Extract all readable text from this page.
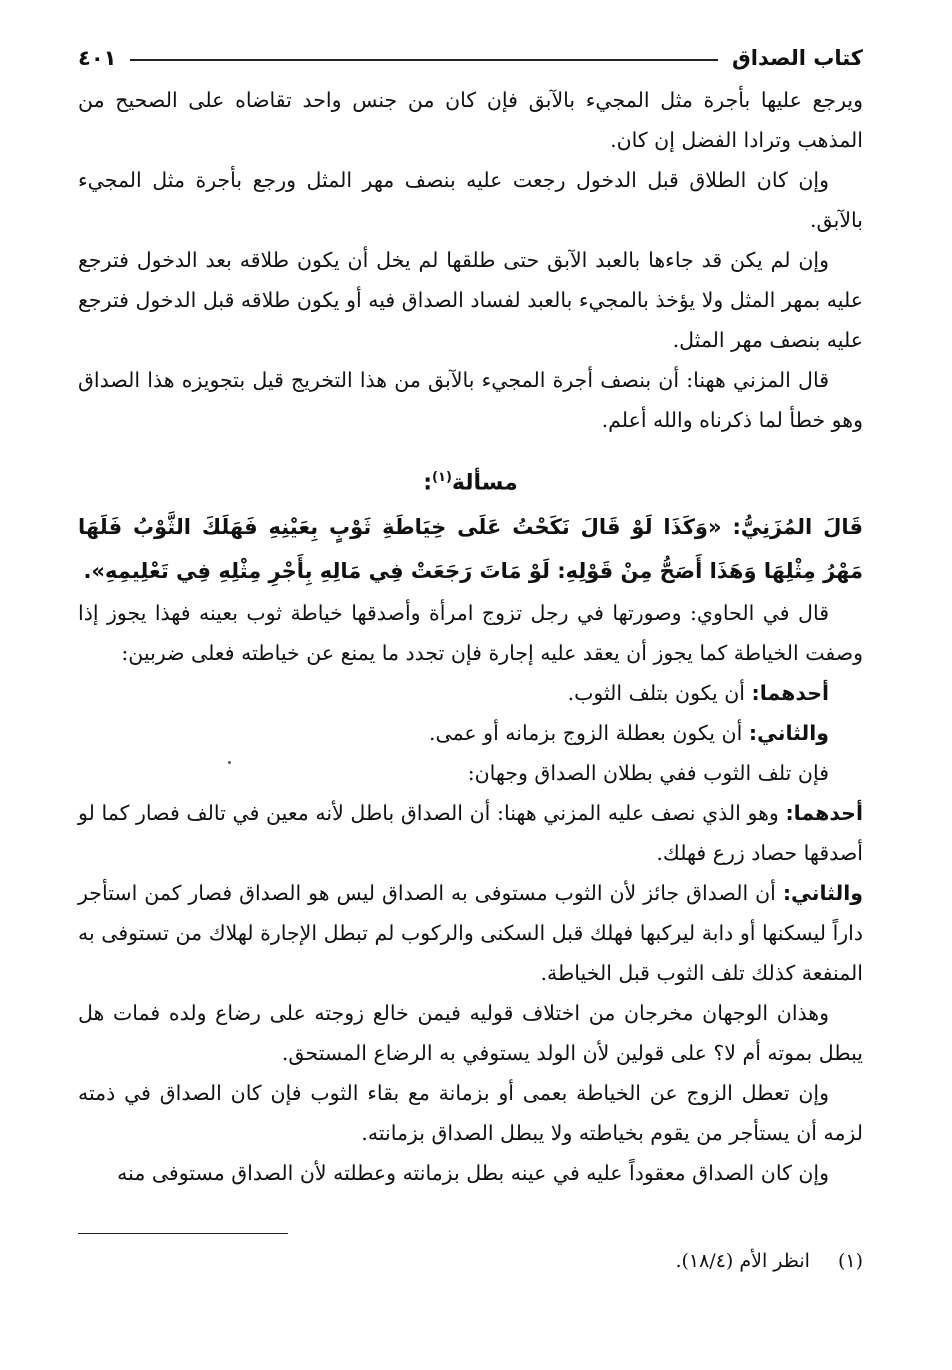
كتاب الصداق
٤٠١

ويرجع عليها بأجرة مثل المجيء بالآبق فإن كان من جنس واحد تقاضاه على الصحيح من المذهب وترادا الفضل إن كان.

وإن كان الطلاق قبل الدخول رجعت عليه بنصف مهر المثل ورجع بأجرة مثل المجيء بالآبق.

وإن لم يكن قد جاءها بالعبد الآبق حتى طلقها لم يخل أن يكون طلاقه بعد الدخول فترجع عليه بمهر المثل ولا يؤخذ بالمجيء بالعبد لفساد الصداق فيه أو يكون طلاقه قبل الدخول فترجع عليه بنصف مهر المثل.

قال المزني ههنا: أن بنصف أجرة المجيء بالآبق من هذا التخريج قيل بتجويزه هذا الصداق وهو خطأ لما ذكرناه والله أعلم.

مسألة$^{(١)}$:

قَالَ المُزَنِيُّ: «وَكَذَا لَوْ قَالَ نَكَحْتُ عَلَى خِيَاطَةِ ثَوْبٍ بِعَيْنِهِ فَهَلَكَ الثَّوْبُ فَلَهَا مَهْرُ مِثْلِهَا وَهَذَا أَصَحُّ مِنْ قَوْلِهِ: لَوْ مَاتَ رَجَعَتْ فِي مَالِهِ بِأَجْرِ مِثْلِهِ فِي تَعْلِيمِهِ».

قال في الحاوي: وصورتها في رجل تزوج امرأة وأصدقها خياطة ثوب بعينه فهذا يجوز إذا وصفت الخياطة كما يجوز أن يعقد عليه إجارة فإن تجدد ما يمنع عن خياطته فعلى ضربين:

أحدهما: أن يكون بتلف الثوب.

والثاني: أن يكون بعطلة الزوج بزمانه أو عمى.

فإن تلف الثوب ففي بطلان الصداق وجهان:

أحدهما: وهو الذي نصف عليه المزني ههنا: أن الصداق باطل لأنه معين في تالف فصار كما لو أصدقها حصاد زرع فهلك.

والثاني: أن الصداق جائز لأن الثوب مستوفى به الصداق ليس هو الصداق فصار كمن استأجر داراً ليسكنها أو دابة ليركبها فهلك قبل السكنى والركوب لم تبطل الإجارة لهلاك من تستوفى به المنفعة كذلك تلف الثوب قبل الخياطة.

وهذان الوجهان مخرجان من اختلاف قوليه فيمن خالع زوجته على رضاع ولده فمات هل يبطل بموته أم لا؟ على قولين لأن الولد يستوفي به الرضاع المستحق.

وإن تعطل الزوج عن الخياطة بعمى أو بزمانة مع بقاء الثوب فإن كان الصداق في ذمته لزمه أن يستأجر من يقوم بخياطته ولا يبطل الصداق بزمانته.

وإن كان الصداق معقوداً عليه في عينه بطل بزمانته وعطلته لأن الصداق مستوفى منه

(١)انظر الأم (١٨/٤).
